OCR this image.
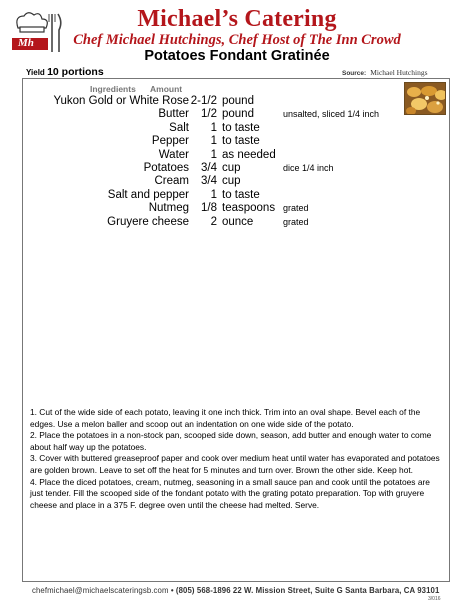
Mh
Michael’s Catering
Chef Michael Hutchings, Chef Host of The Inn Crowd
Potatoes Fondant Gratinée
Yield 10 portions	Source: Michael Hutchings
Ingredients Amount
Yukon Gold or White Rose 2-1/2 pound
Butter 1/2 pound	unsalted, sliced 1/4 inch
Salt 1 to taste
Pepper 1 to taste
Water 1 as needed
Potatoes 3/4 cup	dice 1/4 inch
Cream 3/4 cup
Salt and pepper 1 to taste
Nutmeg 1/8 teaspoons grated
Gruyere cheese 2 ounce	grated

1. Cut of the wide side of each potato, leaving it one inch thick. Trim into an oval shape. Bevel each of the edges. Use a melon baller and scoop out an indentation on one wide side of the potato.

2. Place the potatoes in a non-stock pan, scooped side down, season, add butter and enough water to come about half way up the potatoes.

3. Cover with buttered greaseproof paper and cook over medium heat until water has evaporated and potatoes are golden brown. Leave to set off the heat for 5 minutes and turn over. Brown the other side. Keep hot.

4. Place the diced potatoes, cream, nutmeg, seasoning in a small sauce pan and cook until the potatoes are just tender. Fill the scooped side of the fondant potato with the grating potato preparation. Top with gruyere cheese and place in a 375 F. degree oven until the cheese had melted. Serve.

chefmichael@michaelscateringsb.com • (805) 568-1896 22 W. Mission Street, Suite G Santa Barbara, CA 93101
3/016
